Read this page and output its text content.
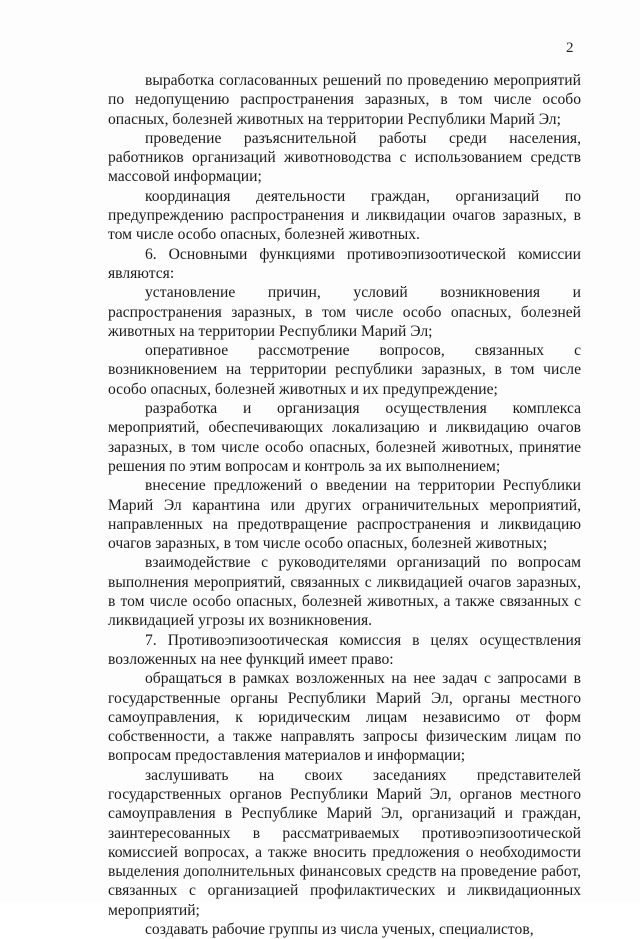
2

выработка согласованных решений по проведению мероприятий по недопущению распространения заразных, в том числе особо опасных, болезней животных на территории Республики Марий Эл;

проведение разъяснительной работы среди населения, работников организаций животноводства с использованием средств массовой информации;

координация деятельности граждан, организаций по предупреждению распространения и ликвидации очагов заразных, в том числе особо опасных, болезней животных.

6. Основными функциями противоэпизоотической комиссии являются:

установление причин, условий возникновения и распространения заразных, в том числе особо опасных, болезней животных на территории Республики Марий Эл;

оперативное рассмотрение вопросов, связанных с возникновением на территории республики заразных, в том числе особо опасных, болезней животных и их предупреждение;

разработка и организация осуществления комплекса мероприятий, обеспечивающих локализацию и ликвидацию очагов заразных, в том числе особо опасных, болезней животных, принятие решения по этим вопросам и контроль за их выполнением;

внесение предложений о введении на территории Республики Марий Эл карантина или других ограничительных мероприятий, направленных на предотвращение распространения и ликвидацию очагов заразных, в том числе особо опасных, болезней животных;

взаимодействие с руководителями организаций по вопросам выполнения мероприятий, связанных с ликвидацией очагов заразных, в том числе особо опасных, болезней животных, а также связанных с ликвидацией угрозы их возникновения.

7. Противоэпизоотическая комиссия в целях осуществления возложенных на нее функций имеет право:

обращаться в рамках возложенных на нее задач с запросами в государственные органы Республики Марий Эл, органы местного самоуправления, к юридическим лицам независимо от форм собственности, а также направлять запросы физическим лицам по вопросам предоставления материалов и информации;

заслушивать на своих заседаниях представителей государственных органов Республики Марий Эл, органов местного самоуправления в Республике Марий Эл, организаций и граждан, заинтересованных в рассматриваемых противоэпизоотической комиссией вопросах, а также вносить предложения о необходимости выделения дополнительных финансовых средств на проведение работ, связанных с организацией профилактических и ликвидационных мероприятий;

создавать рабочие группы из числа ученых, специалистов,
